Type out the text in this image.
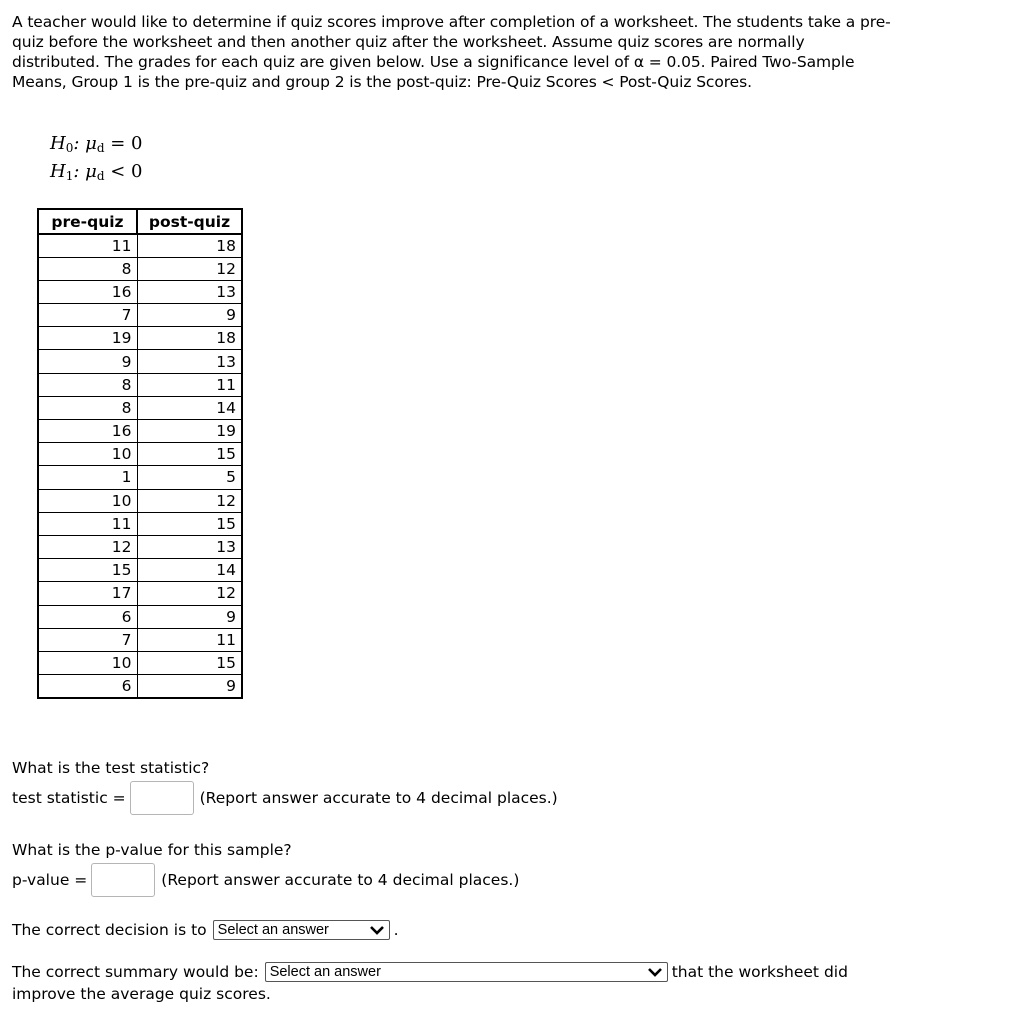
A teacher would like to determine if quiz scores improve after completion of a worksheet. The students take a pre-quiz before the worksheet and then another quiz after the worksheet. Assume quiz scores are normally distributed. The grades for each quiz are given below. Use a significance level of α = 0.05. Paired Two-Sample Means, Group 1 is the pre-quiz and group 2 is the post-quiz: Pre-Quiz Scores < Post-Quiz Scores.
$H_0$: $\mu_d = 0$
$H_1$: $\mu_d < 0$
pre-quiz	post-quiz
11	18
8	12
16	13
7	9
19	18
9	13
8	11
8	14
16	19
10	15
1	5
10	12
11	15
12	13
15	14
17	12
6	9
7	11
10	15
6	9
What is the test statistic?
test statistic =	(Report answer accurate to 4 decimal places.)
What is the p-value for this sample?
p-value =	(Report answer accurate to 4 decimal places.)
The correct decision is to Select an answer	.
The correct summary would be: Select an answer	that the worksheet did
improve the average quiz scores.
